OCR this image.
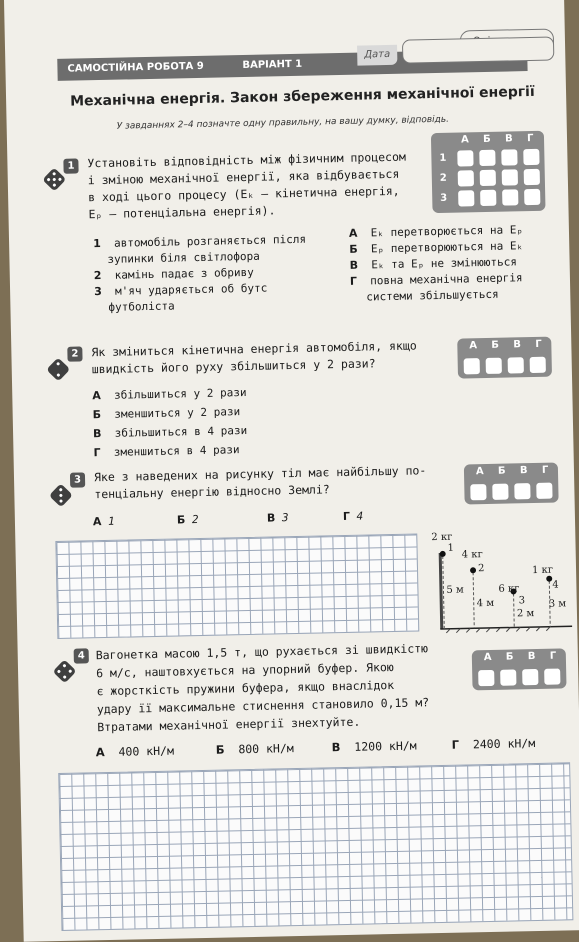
САМОСТІЙНА РОБОТА 9	ВАРІАНТ 1
Дата
Механічна енергія. Закон збереження механічної енергії
У завданнях 2–4 позначте одну правильну, на вашу думку, відповідь.
1	Установіть відповідність між фізичним процесом
і зміною механічної енергії, яка відбувається
в ході цього процесу (Eₖ — кінетична енергія,
Eₚ — потенціальна енергія).
А Б В Г
1
2
3
1 автомобіль розганяється після
зупинки біля світлофора
2 камінь падає з обриву
3 м'яч ударяється об бутс
футболіста
А Eₖ перетворюється на Eₚ
Б Eₚ перетворюються на Eₖ
В Eₖ та Eₚ не змінюються
Г повна механічна енергія
системи збільшується
2	Як зміниться кінетична енергія автомобіля, якщо
швидкість його руху збільшиться у 2 рази?
А Б В Г
А збільшиться у 2 рази
Б зменшиться у 2 рази
В збільшиться в 4 рази
Г зменшиться в 4 рази
3	Яке з наведених на рисунку тіл має найбільшу по-
тенціальну енергію відносно Землі?
А Б В Г
А 1	Б 2	В 3	Г 4
2 кг
1
4 кг
2
6 кг
3
1 кг
4
5 м
4 м
2 м
3 м
4 Вагонетка масою 1,5 т, що рухається зі швидкістю
6 м/с, наштовхується на упорний буфер. Якою
є жорсткість пружини буфера, якщо внаслідок
удару її максимальне стиснення становило 0,15 м?
Втратами механічної енергії знехтуйте.
А Б В Г
А 400 кН/м	Б 800 кН/м	В 1200 кН/м	Г 2400 кН/м
